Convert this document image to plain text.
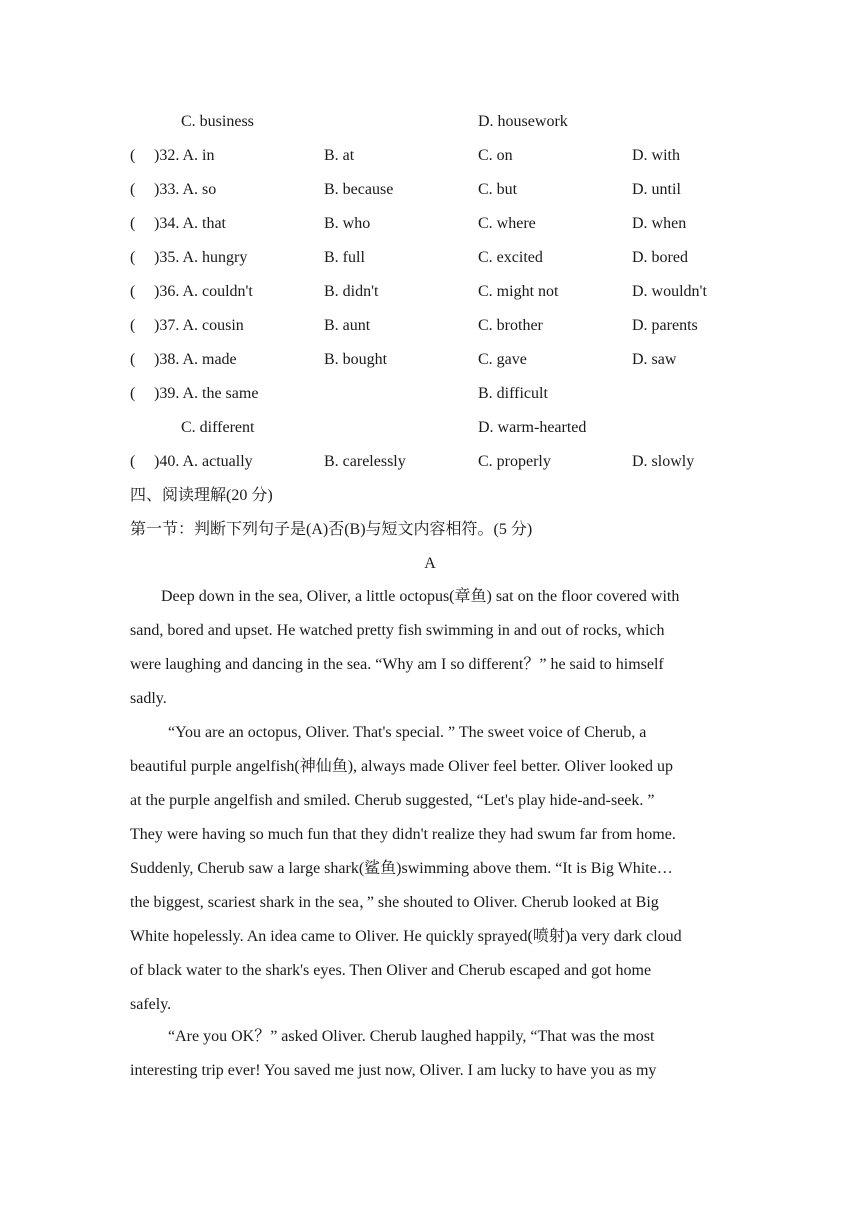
C. business	D. housework
( )32. A. in	B. at	C. on	D. with
( )33. A. so	B. because	C. but	D. until
( )34. A. that	B. who	C. where	D. when
( )35. A. hungry	B. full	C. excited	D. bored
( )36. A. couldn't	B. didn't	C. might not	D. wouldn't
( )37. A. cousin	B. aunt	C. brother	D. parents
( )38. A. made	B. bought	C. gave	D. saw
( )39. A. the same	B. difficult
C. different	D. warm-hearted
( )40. A. actually	B. carelessly	C. properly	D. slowly
四、阅读理解(20 分)
第一节：判断下列句子是(A)否(B)与短文内容相符。(5 分)
A
Deep down in the sea, Oliver, a little octopus(章鱼) sat on the floor covered with
sand, bored and upset. He watched pretty fish swimming in and out of rocks, which
were laughing and dancing in the sea. “Why am I so different？” he said to himself
sadly.
“You are an octopus, Oliver. That's special. ” The sweet voice of Cherub, a
beautiful purple angelfish(神仙鱼), always made Oliver feel better. Oliver looked up
at the purple angelfish and smiled. Cherub suggested, “Let's play hide-and-seek. ”
They were having so much fun that they didn't realize they had swum far from home.
Suddenly, Cherub saw a large shark(鲨鱼)swimming above them. “It is Big White…
the biggest, scariest shark in the sea，” she shouted to Oliver. Cherub looked at Big
White hopelessly. An idea came to Oliver. He quickly sprayed(喷射)a very dark cloud
of black water to the shark's eyes. Then Oliver and Cherub escaped and got home
safely.
“Are you OK？” asked Oliver. Cherub laughed happily, “That was the most
interesting trip ever! You saved me just now, Oliver. I am lucky to have you as my
